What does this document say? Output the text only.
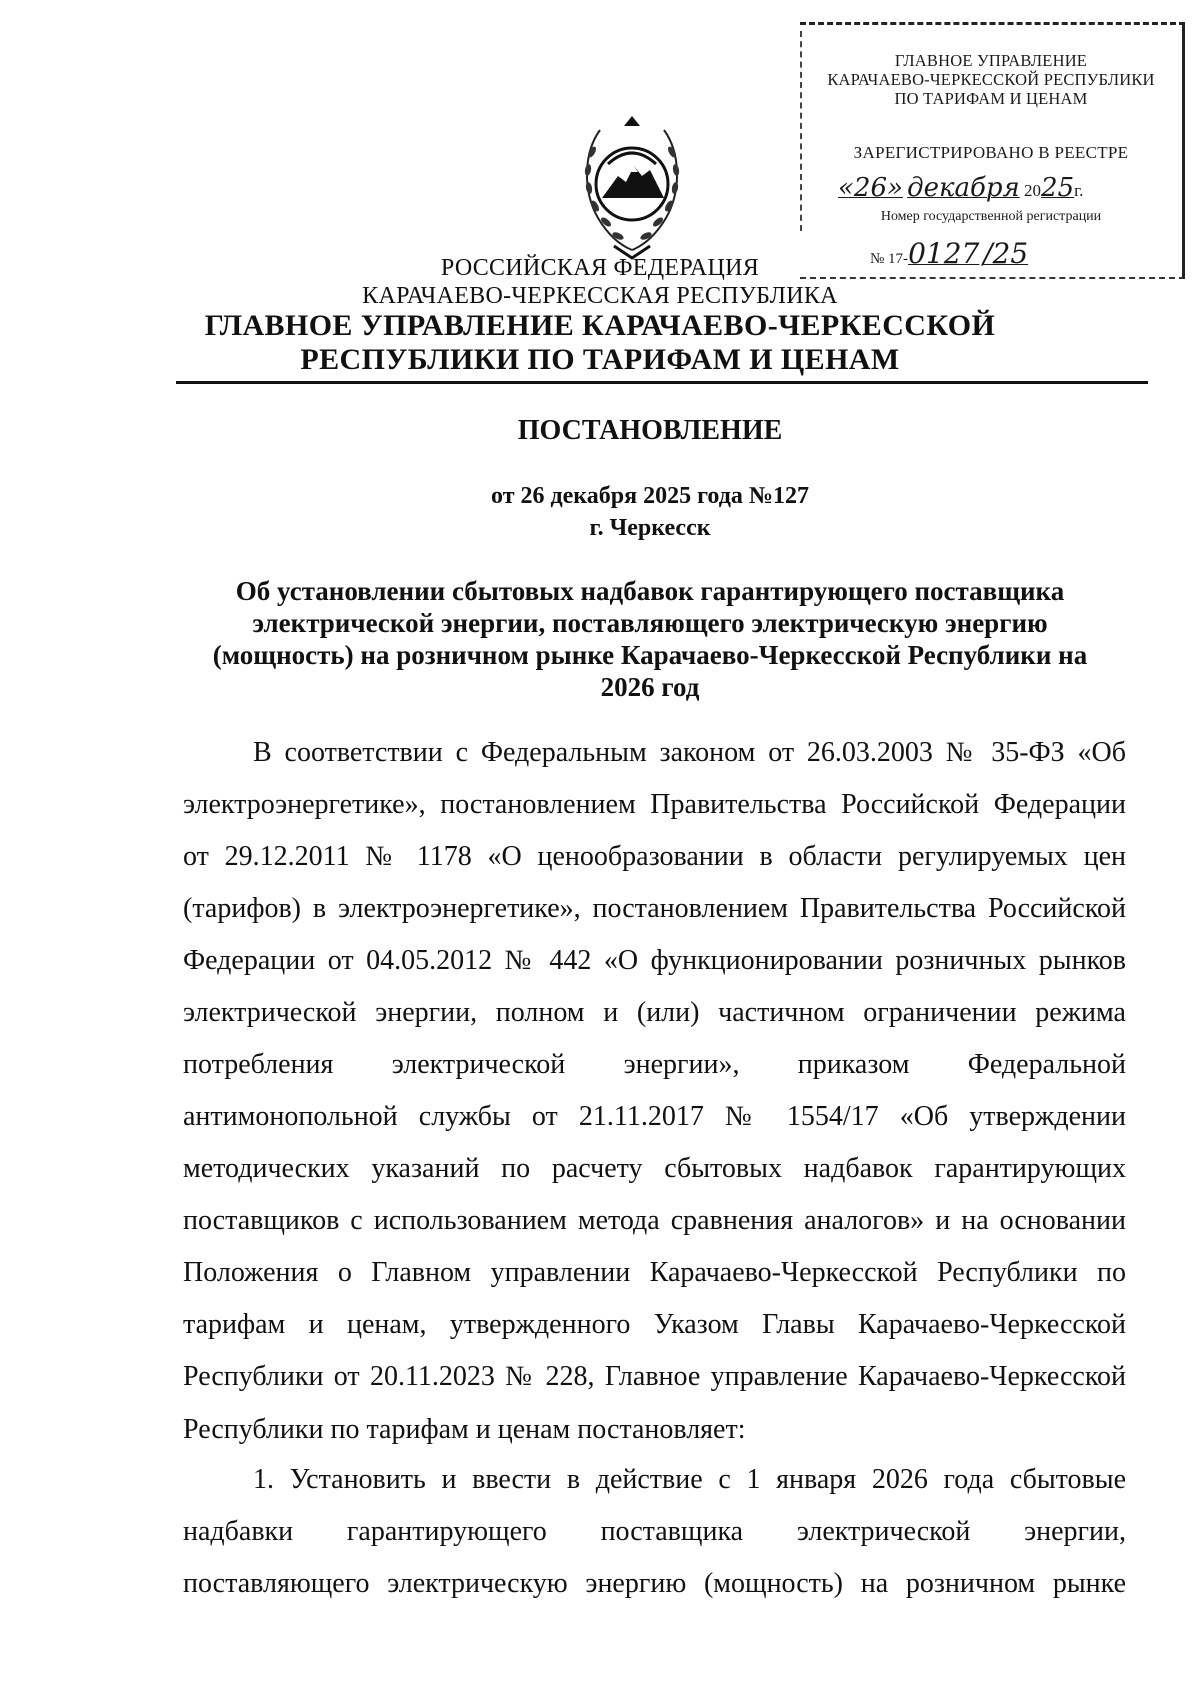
ГЛАВНОЕ УПРАВЛЕНИЕ
КАРАЧАЕВО-ЧЕРКЕССКОЙ РЕСПУБЛИКИ
ПО ТАРИФАМ И ЦЕНАМ
ЗАРЕГИСТРИРОВАНО В РЕЕСТРЕ
«26» декабря 2025г.
Номер государственной регистрации
№ 17-0127 /25
РОССИЙСКАЯ ФЕДЕРАЦИЯ
КАРАЧАЕВО-ЧЕРКЕССКАЯ РЕСПУБЛИКА
ГЛАВНОЕ УПРАВЛЕНИЕ КАРАЧАЕВО-ЧЕРКЕССКОЙ
РЕСПУБЛИКИ ПО ТАРИФАМ И ЦЕНАМ
ПОСТАНОВЛЕНИЕ
от 26 декабря 2025 года №127
г. Черкесск
Об установлении сбытовых надбавок гарантирующего поставщика
электрической энергии, поставляющего электрическую энергию
(мощность) на розничном рынке Карачаево-Черкесской Республики на
2026 год
В соответствии с Федеральным законом от 26.03.2003 № 35-ФЗ «Об
электроэнергетике», постановлением Правительства Российской Федерации
от 29.12.2011 № 1178 «О ценообразовании в области регулируемых цен
(тарифов) в электроэнергетике», постановлением Правительства Российской
Федерации от 04.05.2012 № 442 «О функционировании розничных рынков
электрической энергии, полном и (или) частичном ограничении режима
потребления электрической энергии», приказом Федеральной
антимонопольной службы от 21.11.2017 № 1554/17 «Об утверждении
методических указаний по расчету сбытовых надбавок гарантирующих
поставщиков с использованием метода сравнения аналогов» и на основании
Положения о Главном управлении Карачаево-Черкесской Республики по
тарифам и ценам, утвержденного Указом Главы Карачаево-Черкесской
Республики от 20.11.2023 № 228, Главное управление Карачаево-Черкесской
Республики по тарифам и ценам постановляет:
1. Установить и ввести в действие с 1 января 2026 года сбытовые
надбавки гарантирующего поставщика электрической энергии,
поставляющего электрическую энергию (мощность) на розничном рынке
